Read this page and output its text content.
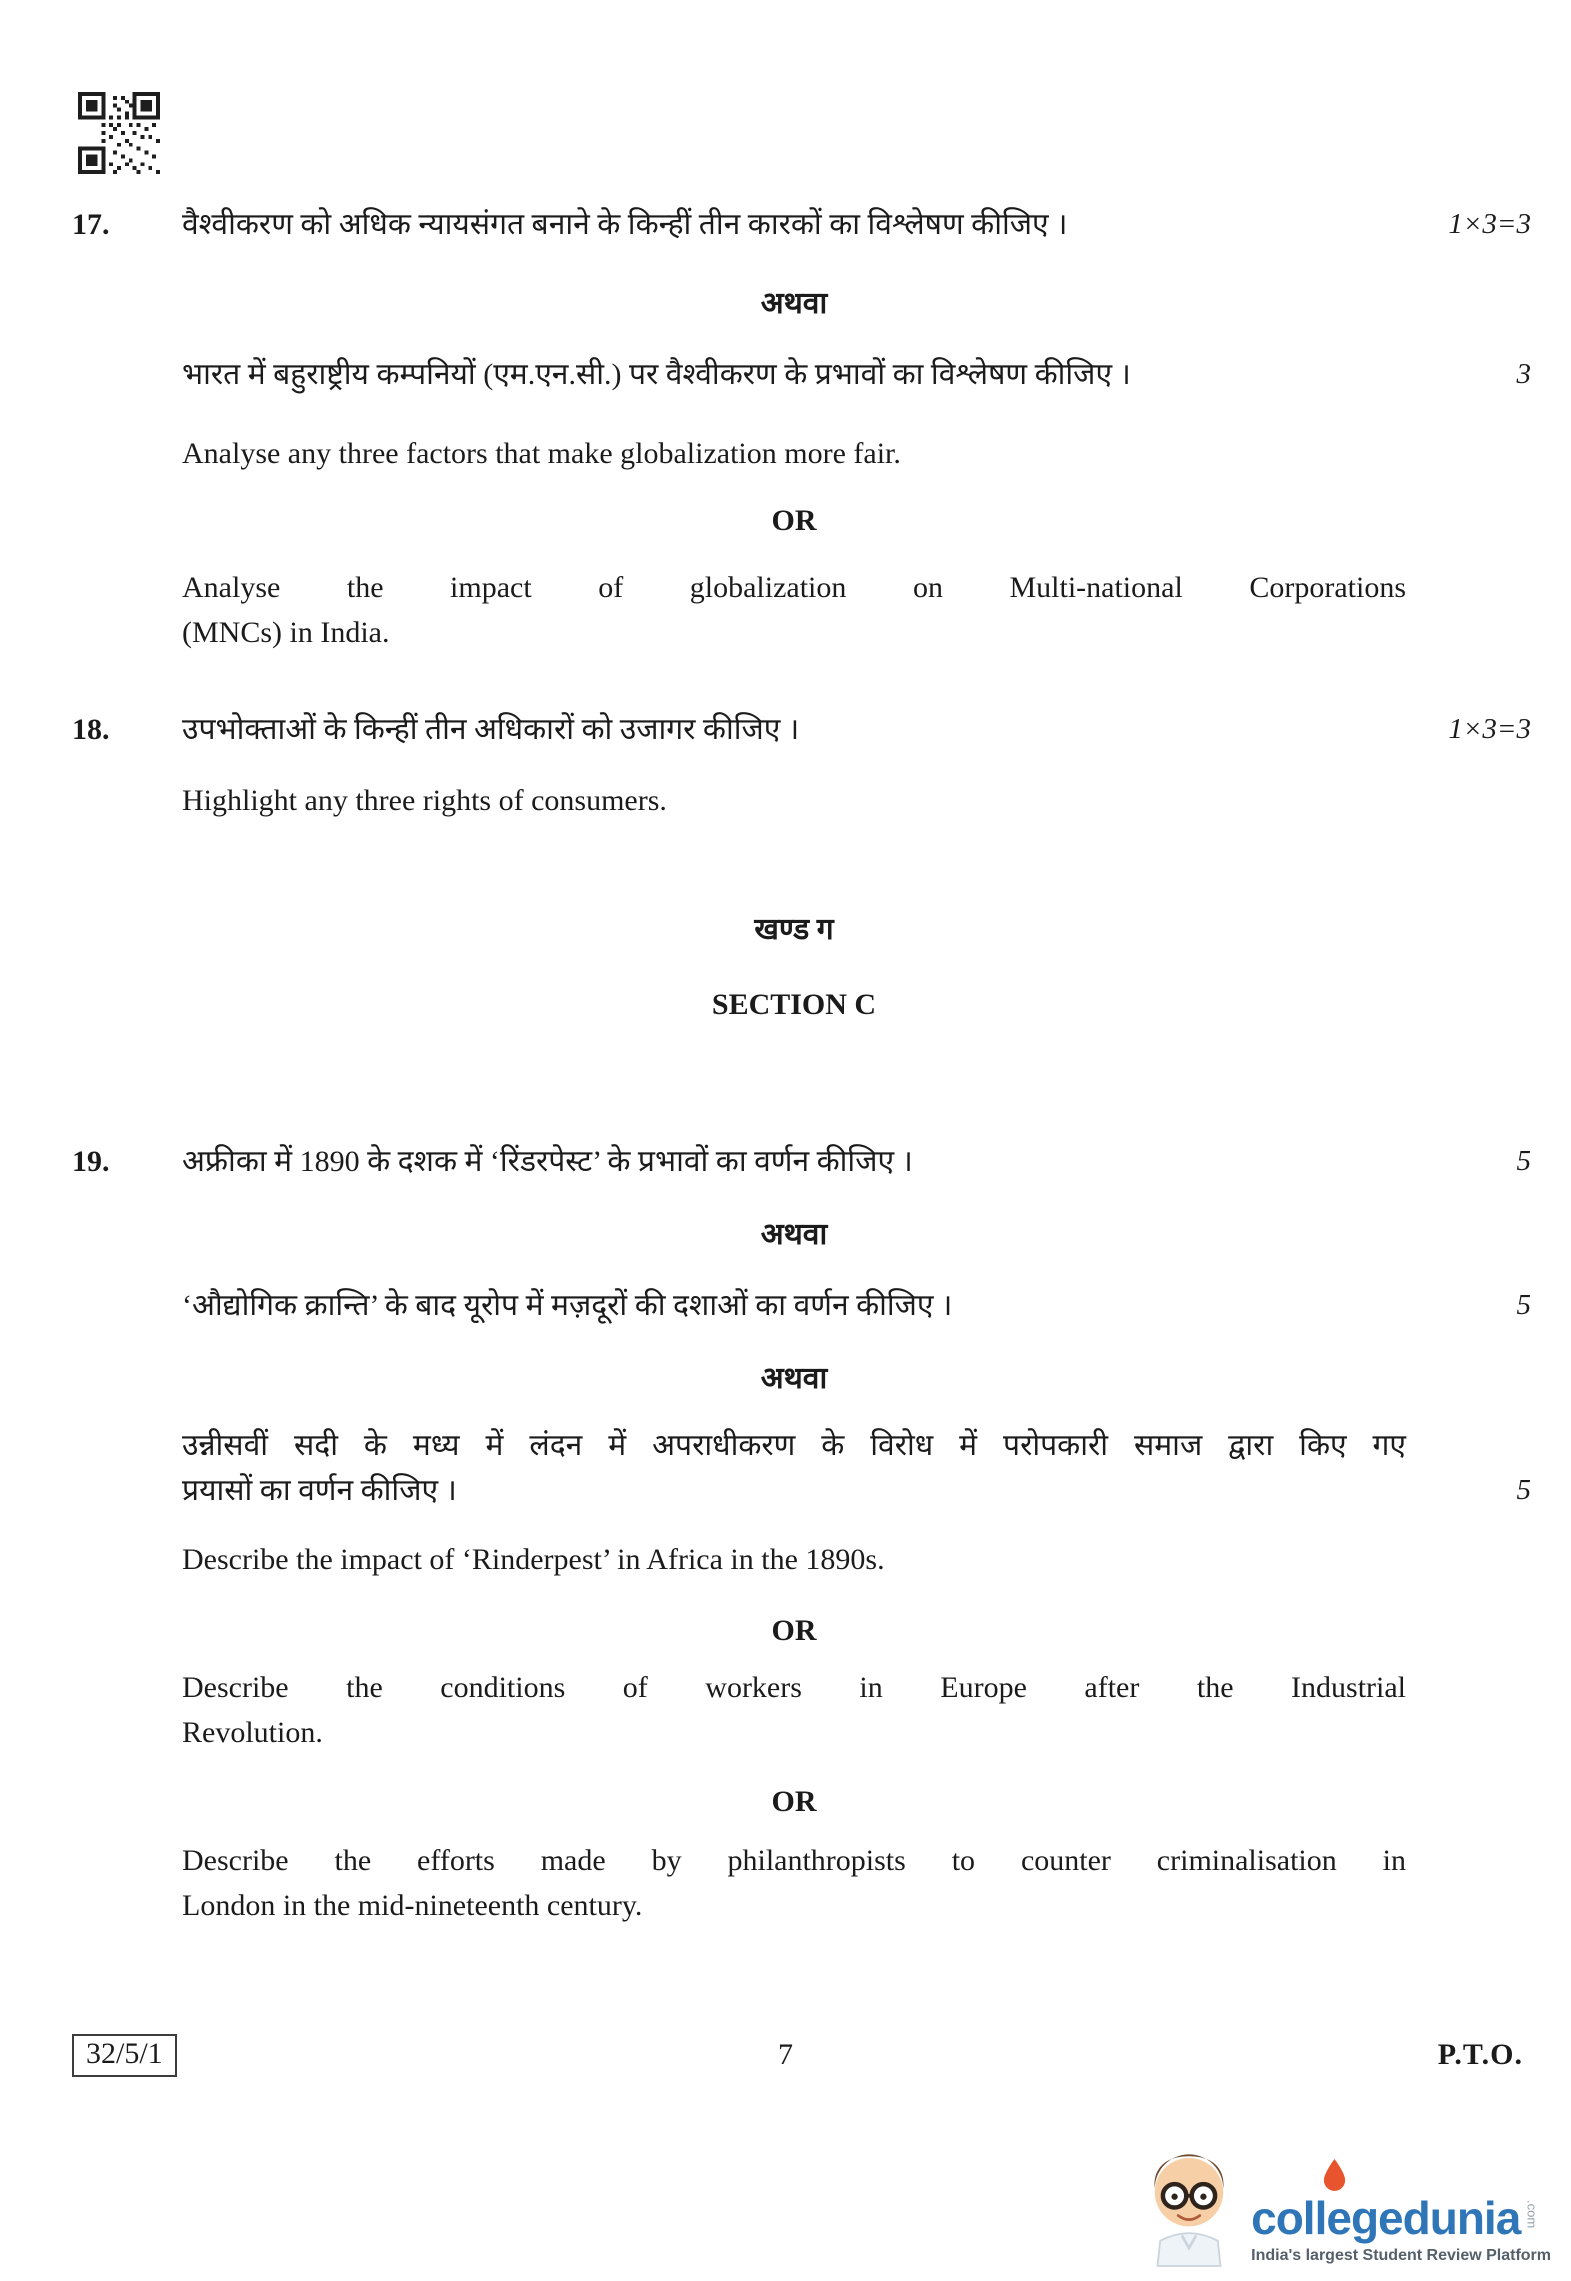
17.	वैश्वीकरण को अधिक न्यायसंगत बनाने के किन्हीं तीन कारकों का विश्लेषण कीजिए ।	1×3=3
अथवा
भारत में बहुराष्ट्रीय कम्पनियों (एम.एन.सी.) पर वैश्वीकरण के प्रभावों का विश्लेषण कीजिए ।	3
Analyse any three factors that make globalization more fair.
OR
Analyse the impact of globalization on Multi-national Corporations
(MNCs) in India.
18.	उपभोक्ताओं के किन्हीं तीन अधिकारों को उजागर कीजिए ।	1×3=3
Highlight any three rights of consumers.
खण्ड ग
SECTION C
19.	अफ्रीका में 1890 के दशक में ‘रिंडरपेस्ट’ के प्रभावों का वर्णन कीजिए ।	5
अथवा
‘औद्योगिक क्रान्ति’ के बाद यूरोप में मज़दूरों की दशाओं का वर्णन कीजिए ।	5
अथवा
उन्नीसवीं सदी के मध्य में लंदन में अपराधीकरण के विरोध में परोपकारी समाज द्वारा किए गए
प्रयासों का वर्णन कीजिए ।	5
Describe the impact of ‘Rinderpest’ in Africa in the 1890s.
OR
Describe the conditions of workers in Europe after the Industrial
Revolution.
OR
Describe the efforts made by philanthropists to counter criminalisation in
London in the mid-nineteenth century.
32/5/1	7	P.T.O.
collegedunia .com
India's largest Student Review Platform
